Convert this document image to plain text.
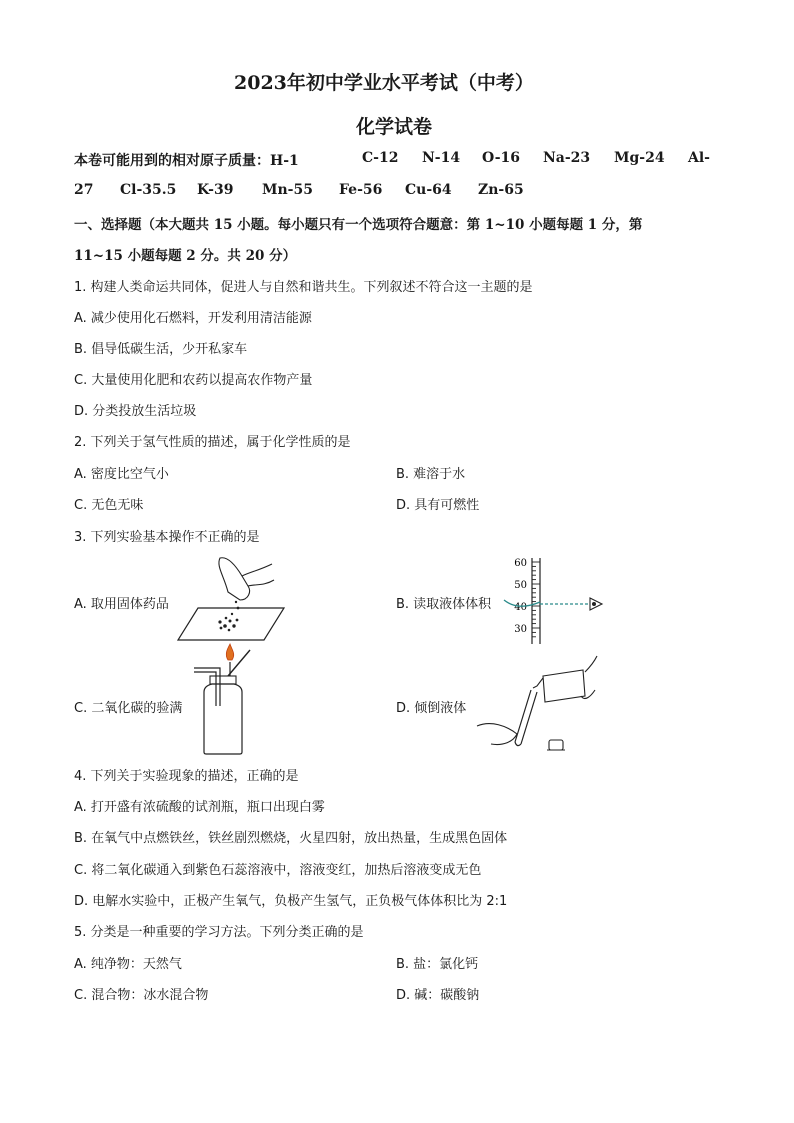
2023年初中学业水平考试（中考）
化学试卷
本卷可能用到的相对原子质量：H-1	C-12 N-14 O-16 Na-23 Mg-24 Al-
27 Cl-35.5 K-39 Mn-55 Fe-56 Cu-64 Zn-65
一、选择题（本大题共 15 小题。每小题只有一个选项符合题意：第 1~10 小题每题 1 分，第
11~15 小题每题 2 分。共 20 分）
1. 构建人类命运共同体，促进人与自然和谐共生。下列叙述不符合这一主题的是
A. 减少使用化石燃料，开发利用清洁能源
B. 倡导低碳生活，少开私家车
C. 大量使用化肥和农药以提高农作物产量
D. 分类投放生活垃圾
2. 下列关于氢气性质的描述，属于化学性质的是
A. 密度比空气小	B. 难溶于水
C. 无色无味	D. 具有可燃性
3. 下列实验基本操作不正确的是
A. 取用固体药品	B. 读取液体体积
C. 二氧化碳的验满	D. 倾倒液体
60
50
40
30
4. 下列关于实验现象的描述，正确的是
A. 打开盛有浓硫酸的试剂瓶，瓶口出现白雾
B. 在氧气中点燃铁丝，铁丝剧烈燃烧，火星四射，放出热量，生成黑色固体
C. 将二氧化碳通入到紫色石蕊溶液中，溶液变红，加热后溶液变成无色
D. 电解水实验中，正极产生氧气，负极产生氢气，正负极气体体积比为 2:1
5. 分类是一种重要的学习方法。下列分类正确的是
A. 纯净物：天然气	B. 盐：氯化钙
C. 混合物：冰水混合物	D. 碱：碳酸钠
